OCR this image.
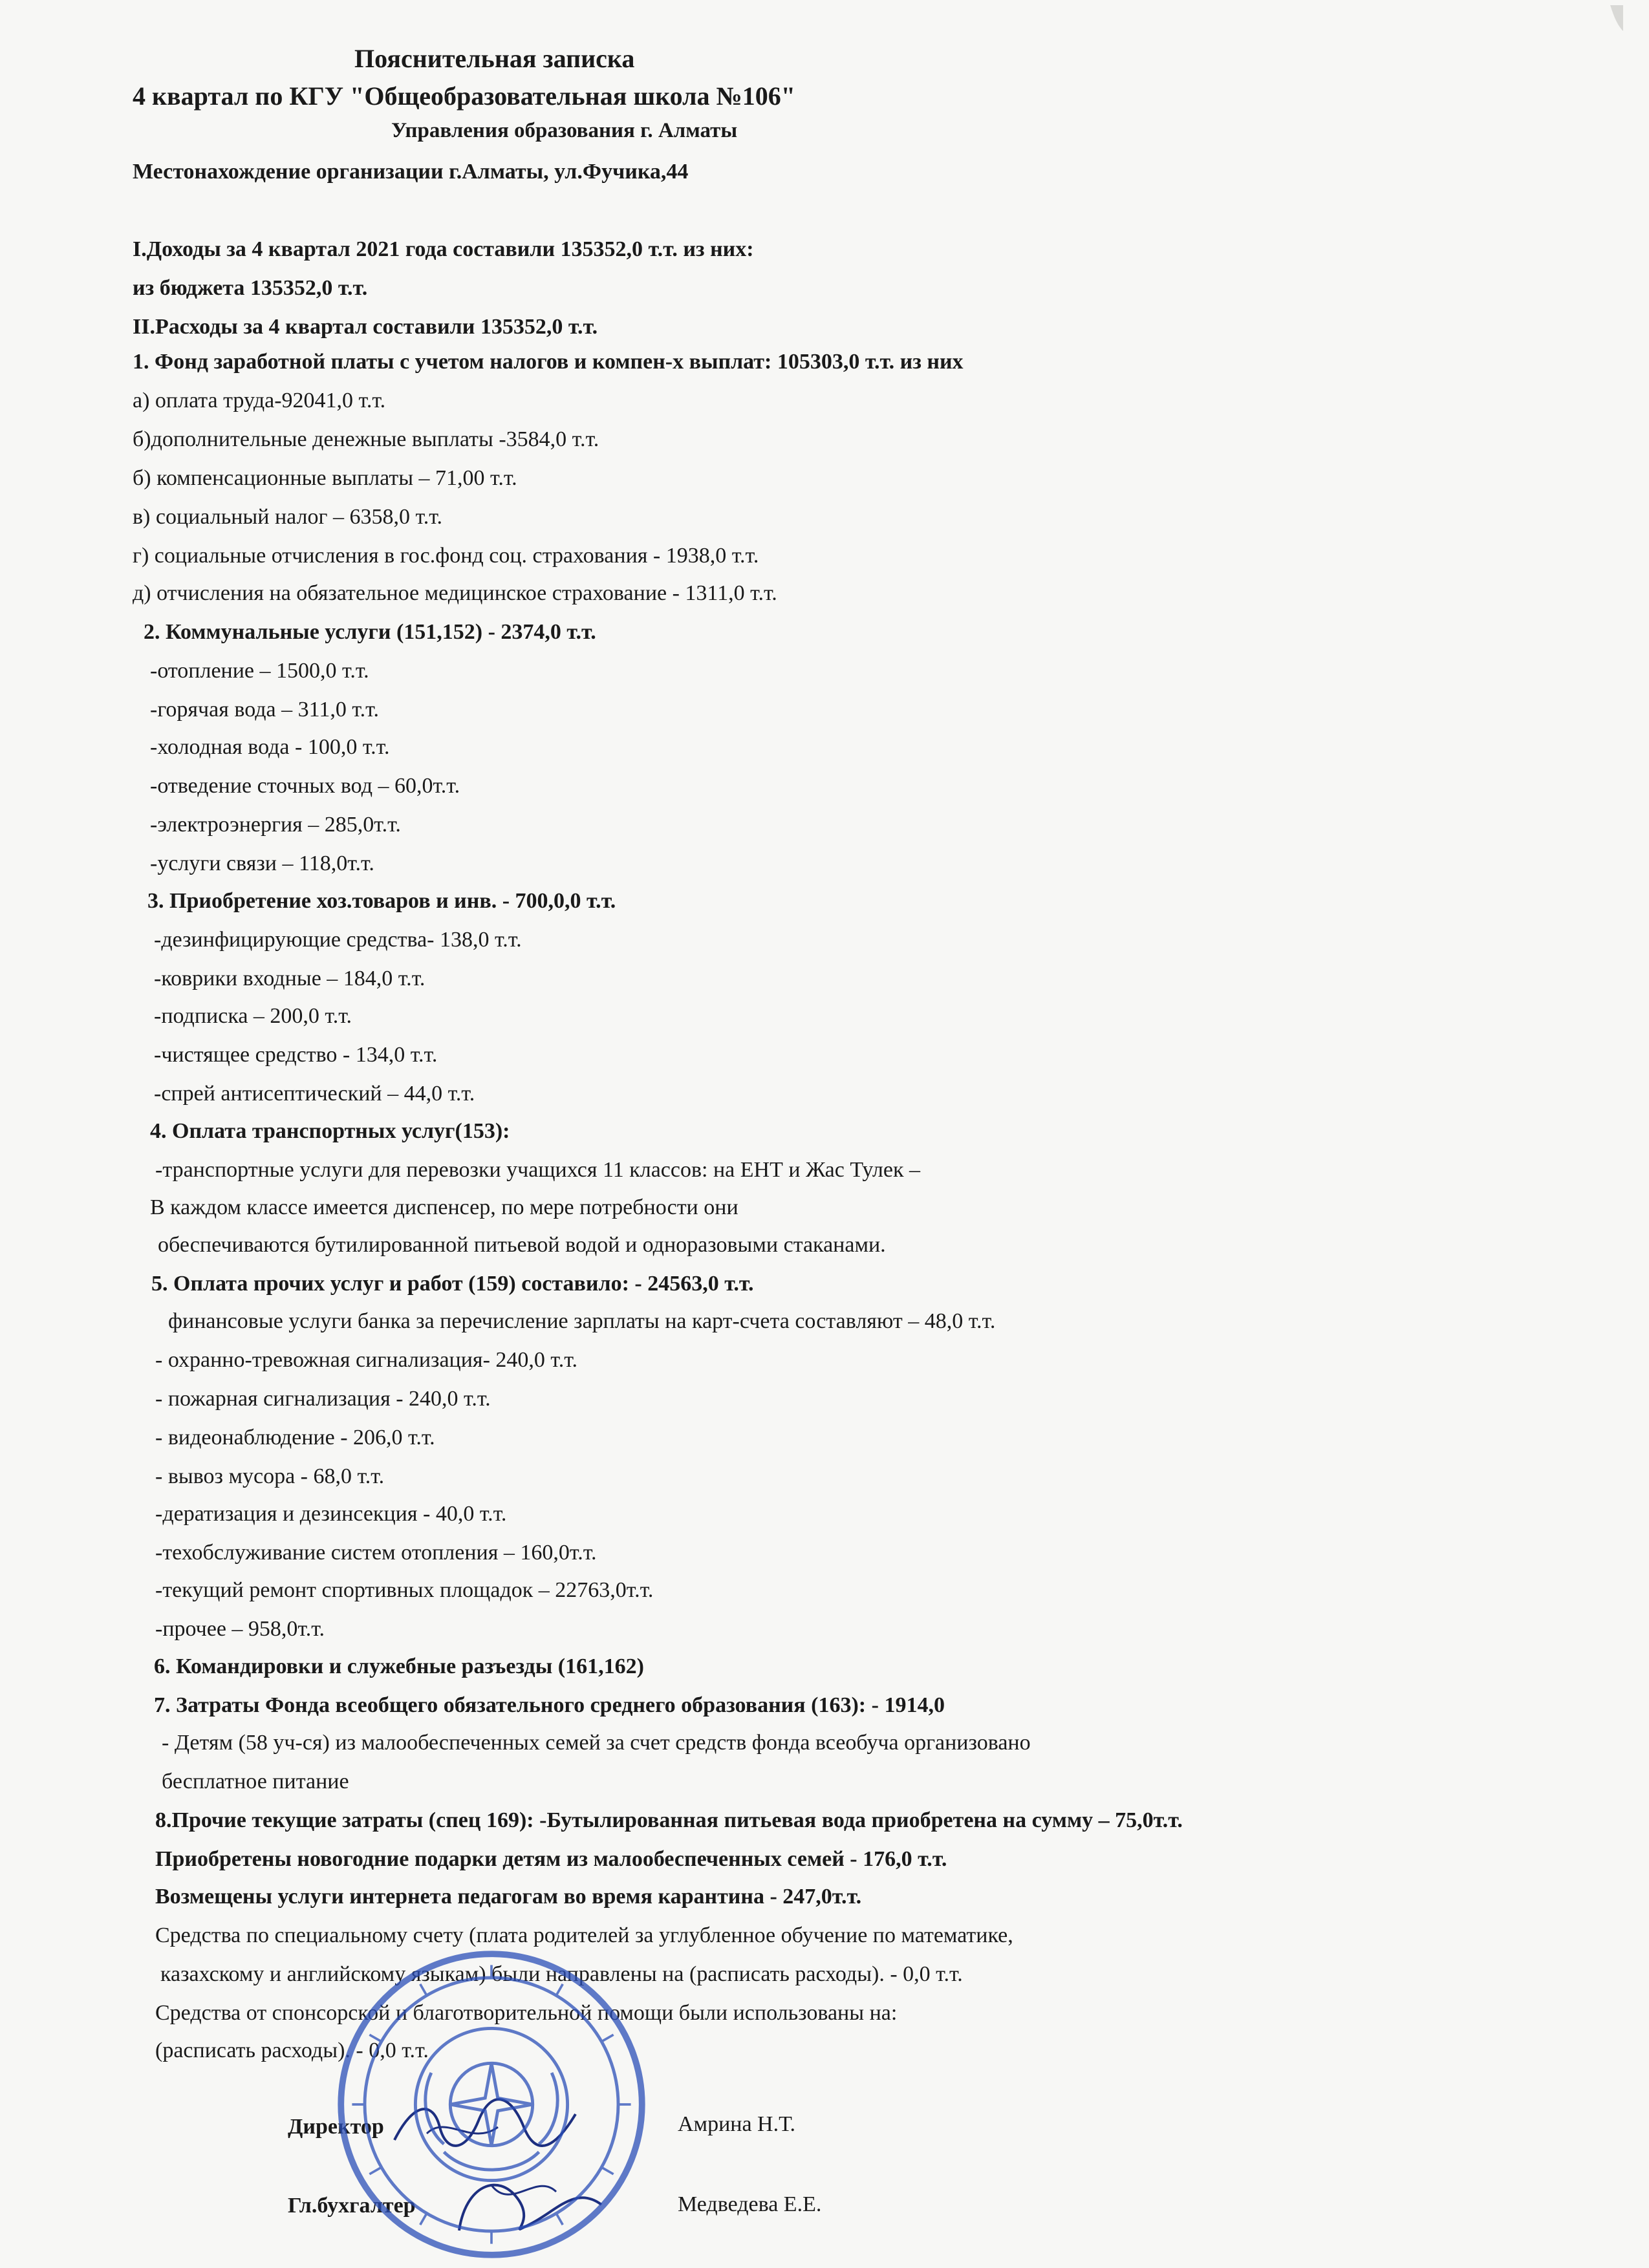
Пояснительная записка
4 квартал по КГУ "Общеобразовательная школа №106"
Управления образования г. Алматы
Местонахождение организации г.Алматы, ул.Фучика,44
I.Доходы за 4 квартал 2021 года составили 135352,0 т.т. из них:
из бюджета 135352,0 т.т.
II.Расходы за 4 квартал составили 135352,0 т.т.
1. Фонд заработной платы с учетом налогов и компен-х выплат: 105303,0 т.т. из них
а) оплата труда-92041,0 т.т.
б)дополнительные денежные выплаты -3584,0 т.т.
б) компенсационные выплаты – 71,00 т.т.
в) социальный налог – 6358,0 т.т.
г) социальные отчисления в гос.фонд соц. страхования - 1938,0 т.т.
д) отчисления на обязательное медицинское страхование - 1311,0 т.т.
2. Коммунальные услуги (151,152) - 2374,0 т.т.
-отопление – 1500,0 т.т.
-горячая вода – 311,0 т.т.
-холодная вода - 100,0 т.т.
-отведение сточных вод – 60,0т.т.
-электроэнергия – 285,0т.т.
-услуги связи – 118,0т.т.
3. Приобретение хоз.товаров и инв. - 700,0,0 т.т.
-дезинфицирующие средства- 138,0 т.т.
-коврики входные – 184,0 т.т.
-подписка – 200,0 т.т.
-чистящее средство - 134,0 т.т.
-спрей антисептический – 44,0 т.т.
4. Оплата транспортных услуг(153):
-транспортные услуги для перевозки учащихся 11 классов: на ЕНТ и Жас Тулек –
В каждом классе имеется диспенсер, по мере потребности они
обеспечиваются бутилированной питьевой водой и одноразовыми стаканами.
5. Оплата прочих услуг и работ (159) составило: - 24563,0 т.т.
финансовые услуги банка за перечисление зарплаты на карт-счета составляют – 48,0 т.т.
- охранно-тревожная сигнализация- 240,0 т.т.
- пожарная сигнализация - 240,0 т.т.
- видеонаблюдение - 206,0 т.т.
- вывоз мусора - 68,0 т.т.
-дератизация и дезинсекция - 40,0 т.т.
-техобслуживание систем отопления – 160,0т.т.
-текущий ремонт спортивных площадок – 22763,0т.т.
-прочее – 958,0т.т.
6. Командировки и служебные разъезды (161,162)
7. Затраты Фонда всеобщего обязательного среднего образования (163): - 1914,0
- Детям (58 уч-ся) из малообеспеченных семей за счет средств фонда всеобуча организовано
бесплатное питание
8.Прочие текущие затраты (спец 169): -Бутылированная питьевая вода приобретена на сумму – 75,0т.т.
Приобретены новогодние подарки детям из малообеспеченных семей - 176,0 т.т.
Возмещены услуги интернета педагогам во время карантина - 247,0т.т.
Средства по специальному счету (плата родителей за углубленное обучение по математике,
казахскому и английскому языкам) были направлены на (расписать расходы). - 0,0 т.т.
Средства от спонсорской и благотворительной помощи были использованы на:
(расписать расходы). - 0,0 т.т.
Директор	Амрина Н.Т.
Гл.бухгалтер	Медведева Е.Е.
